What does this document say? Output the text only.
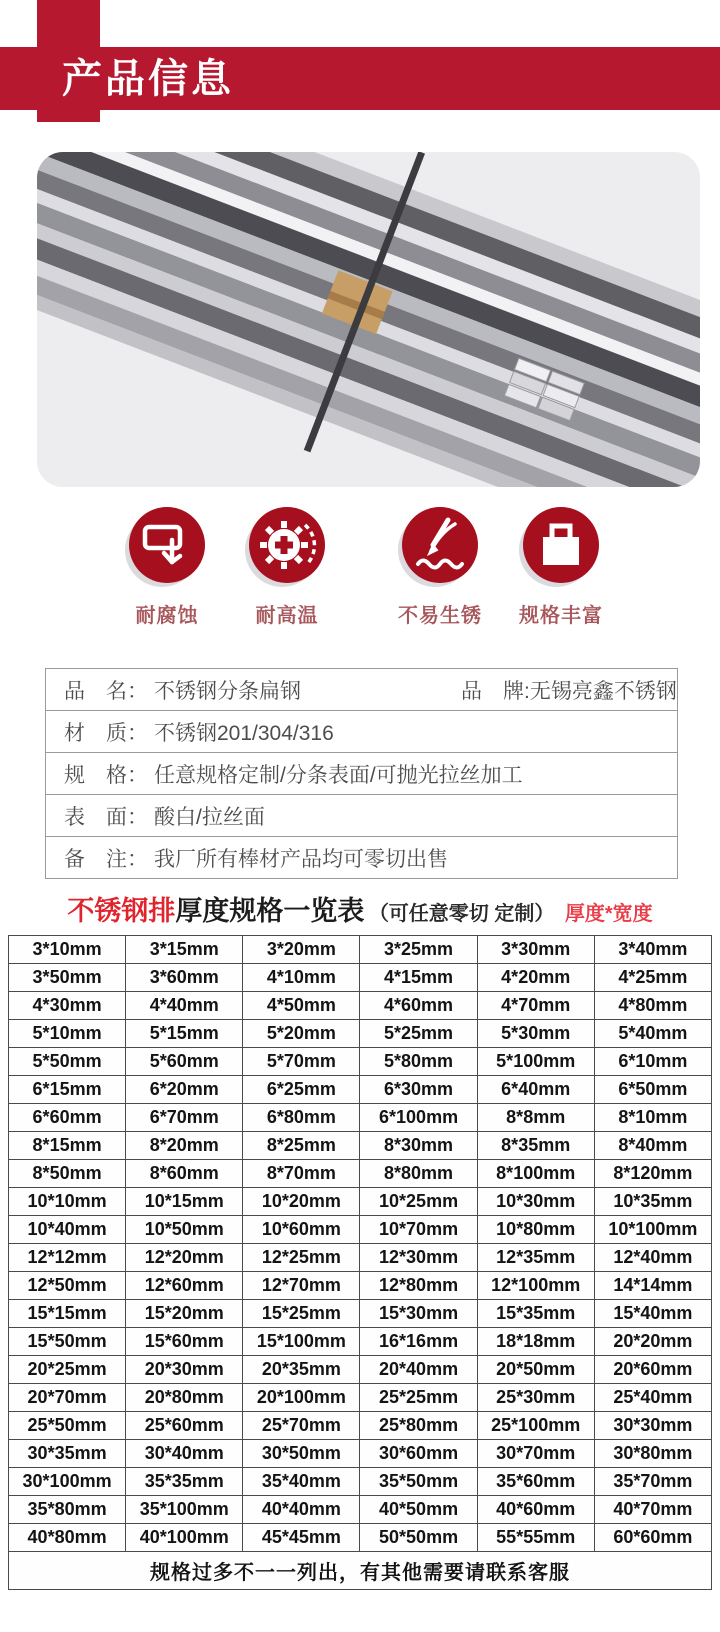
产品信息
耐腐蚀	耐高温	不易生锈 规格丰富
品　名： 不锈钢分条扁钢	品　牌: 无锡亮鑫不锈钢
材　质： 不锈钢201/304/316
规　格： 任意规格定制/分条表面/可抛光拉丝加工
表　面： 酸白/拉丝面
备　注： 我厂所有棒材产品均可零切出售
不锈钢排厚度规格一览表 （可任意零切 定制） 厚度*宽度
3*10mm	3*15mm	3*20mm	3*25mm	3*30mm	3*40mm
3*50mm	3*60mm	4*10mm	4*15mm	4*20mm	4*25mm
4*30mm	4*40mm	4*50mm	4*60mm	4*70mm	4*80mm
5*10mm	5*15mm	5*20mm	5*25mm	5*30mm	5*40mm
5*50mm	5*60mm	5*70mm	5*80mm	5*100mm	6*10mm
6*15mm	6*20mm	6*25mm	6*30mm	6*40mm	6*50mm
6*60mm	6*70mm	6*80mm	6*100mm	8*8mm	8*10mm
8*15mm	8*20mm	8*25mm	8*30mm	8*35mm	8*40mm
8*50mm	8*60mm	8*70mm	8*80mm	8*100mm	8*120mm
10*10mm	10*15mm	10*20mm	10*25mm	10*30mm	10*35mm
10*40mm	10*50mm	10*60mm	10*70mm	10*80mm	10*100mm
12*12mm	12*20mm	12*25mm	12*30mm	12*35mm	12*40mm
12*50mm	12*60mm	12*70mm	12*80mm	12*100mm	14*14mm
15*15mm	15*20mm	15*25mm	15*30mm	15*35mm	15*40mm
15*50mm	15*60mm	15*100mm	16*16mm	18*18mm	20*20mm
20*25mm	20*30mm	20*35mm	20*40mm	20*50mm	20*60mm
20*70mm	20*80mm	20*100mm	25*25mm	25*30mm	25*40mm
25*50mm	25*60mm	25*70mm	25*80mm	25*100mm	30*30mm
30*35mm	30*40mm	30*50mm	30*60mm	30*70mm	30*80mm
30*100mm	35*35mm	35*40mm	35*50mm	35*60mm	35*70mm
35*80mm	35*100mm	40*40mm	40*50mm	40*60mm	40*70mm
40*80mm	40*100mm	45*45mm	50*50mm	55*55mm	60*60mm
规格过多不一一列出，有其他需要请联系客服					
